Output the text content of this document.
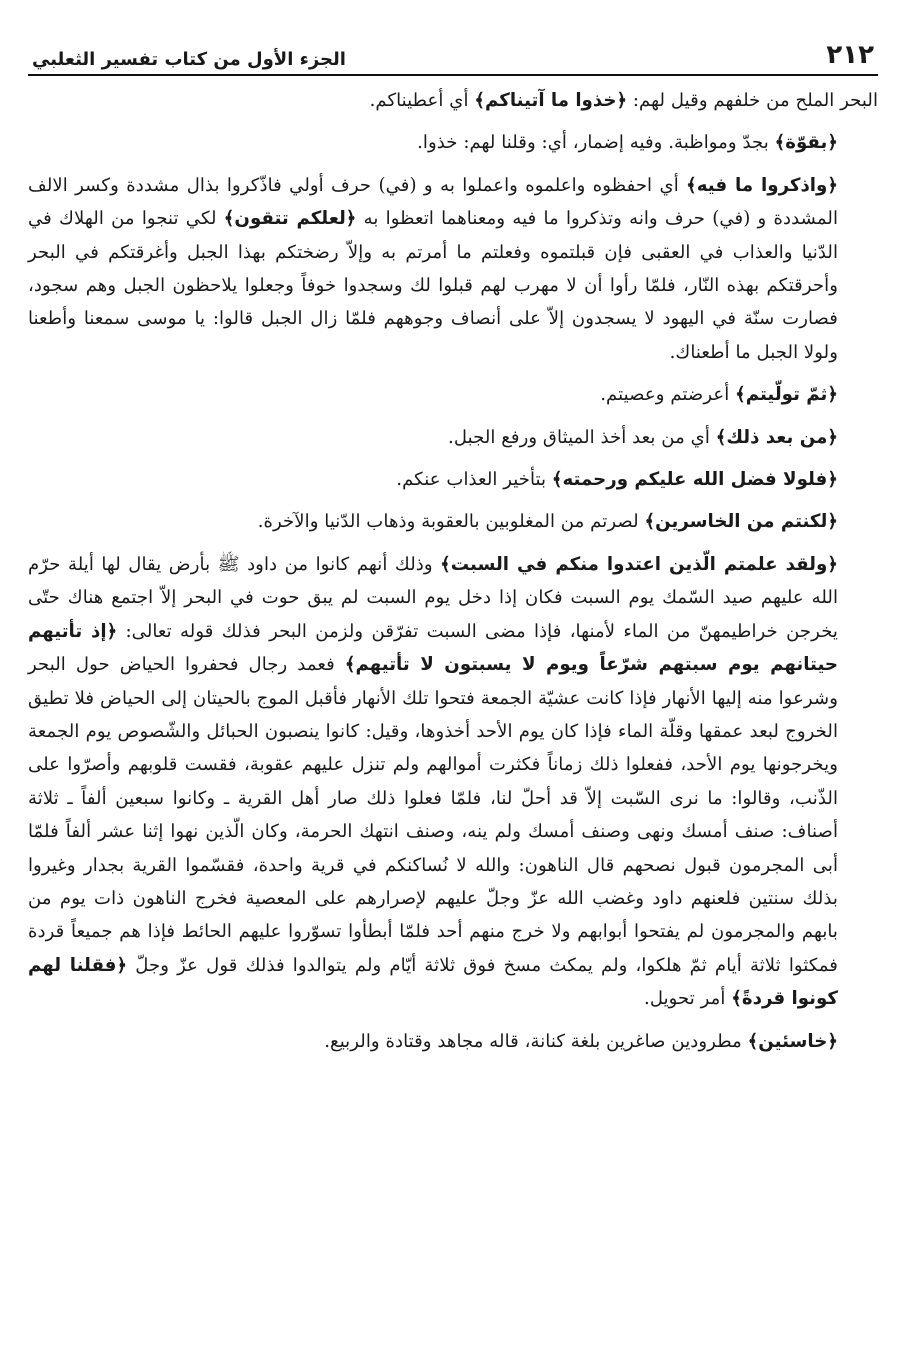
٢١٢
الجزء الأول من كتاب تفسير الثعلبي

البحر الملح من خلفهم وقيل لهم: ﴿خذوا ما آتيناكم﴾ أي أعطيناكم.

﴿بقوّة﴾ بجدّ ومواظبة. وفيه إضمار، أي: وقلنا لهم: خذوا.

﴿واذكروا ما فيه﴾ أي احفظوه واعلموه واعملوا به و (في) حرف أولي فاذّكروا بذال مشددة وكسر الالف المشددة و (في) حرف وانه وتذكروا ما فيه ومعناهما اتعظوا به ﴿لعلكم تتقون﴾ لكي تنجوا من الهلاك في الدّنيا والعذاب في العقبى فإن قبلتموه وفعلتم ما أمرتم به وإلاّ رضختكم بهذا الجبل وأغرقتكم في البحر وأحرقتكم بهذه النّار، فلمّا رأوا أن لا مهرب لهم قبلوا لك وسجدوا خوفاً وجعلوا يلاحظون الجبل وهم سجود، فصارت سنّة في اليهود لا يسجدون إلاّ على أنصاف وجوههم فلمّا زال الجبل قالوا: يا موسى سمعنا وأطعنا ولولا الجبل ما أطعناك.

﴿ثمّ تولّيتم﴾ أعرضتم وعصيتم.

﴿من بعد ذلك﴾ أي من بعد أخذ الميثاق ورفع الجبل.

﴿فلولا فضل الله عليكم ورحمته﴾ بتأخير العذاب عنكم.

﴿لكنتم من الخاسرين﴾ لصرتم من المغلوبين بالعقوبة وذهاب الدّنيا والآخرة.

﴿ولقد علمتم الّذين اعتدوا منكم في السبت﴾ وذلك أنهم كانوا من داود ﷺ بأرض يقال لها أيلة حرّم الله عليهم صيد السّمك يوم السبت فكان إذا دخل يوم السبت لم يبق حوت في البحر إلاّ اجتمع هناك حتّى يخرجن خراطيمهنّ من الماء لأمنها، فإذا مضى السبت تفرّقن ولزمن البحر فذلك قوله تعالى: ﴿إذ تأتيهم حيتانهم يوم سبتهم شرّعاً ويوم لا يسبتون لا تأتيهم﴾ فعمد رجال فحفروا الحياض حول البحر وشرعوا منه إليها الأنهار فإذا كانت عشيّة الجمعة فتحوا تلك الأنهار فأقبل الموج بالحيتان إلى الحياض فلا تطيق الخروج لبعد عمقها وقلّة الماء فإذا كان يوم الأحد أخذوها، وقيل: كانوا ينصبون الحبائل والشّصوص يوم الجمعة ويخرجونها يوم الأحد، ففعلوا ذلك زماناً فكثرت أموالهم ولم تنزل عليهم عقوبة، فقست قلوبهم وأصرّوا على الذّنب، وقالوا: ما نرى السّبت إلاّ قد أحلّ لنا، فلمّا فعلوا ذلك صار أهل القرية ـ وكانوا سبعين ألفاً ـ ثلاثة أصناف: صنف أمسك ونهى وصنف أمسك ولم ينه، وصنف انتهك الحرمة، وكان الّذين نهوا إثنا عشر ألفاً فلمّا أبى المجرمون قبول نصحهم قال الناهون: والله لا نُساكنكم في قرية واحدة، فقسّموا القرية بجدار وغيروا بذلك سنتين فلعنهم داود وغضب الله عزّ وجلّ عليهم لإصرارهم على المعصية فخرج الناهون ذات يوم من بابهم والمجرمون لم يفتحوا أبوابهم ولا خرج منهم أحد فلمّا أبطأوا تسوّروا عليهم الحائط فإذا هم جميعاً قردة فمكثوا ثلاثة أيام ثمّ هلكوا، ولم يمكث مسخ فوق ثلاثة أيّام ولم يتوالدوا فذلك قول عزّ وجلّ ﴿فقلنا لهم كونوا قردةً﴾ أمر تحويل.

﴿خاسئين﴾ مطرودين صاغرين بلغة كنانة، قاله مجاهد وقتادة والربيع.
